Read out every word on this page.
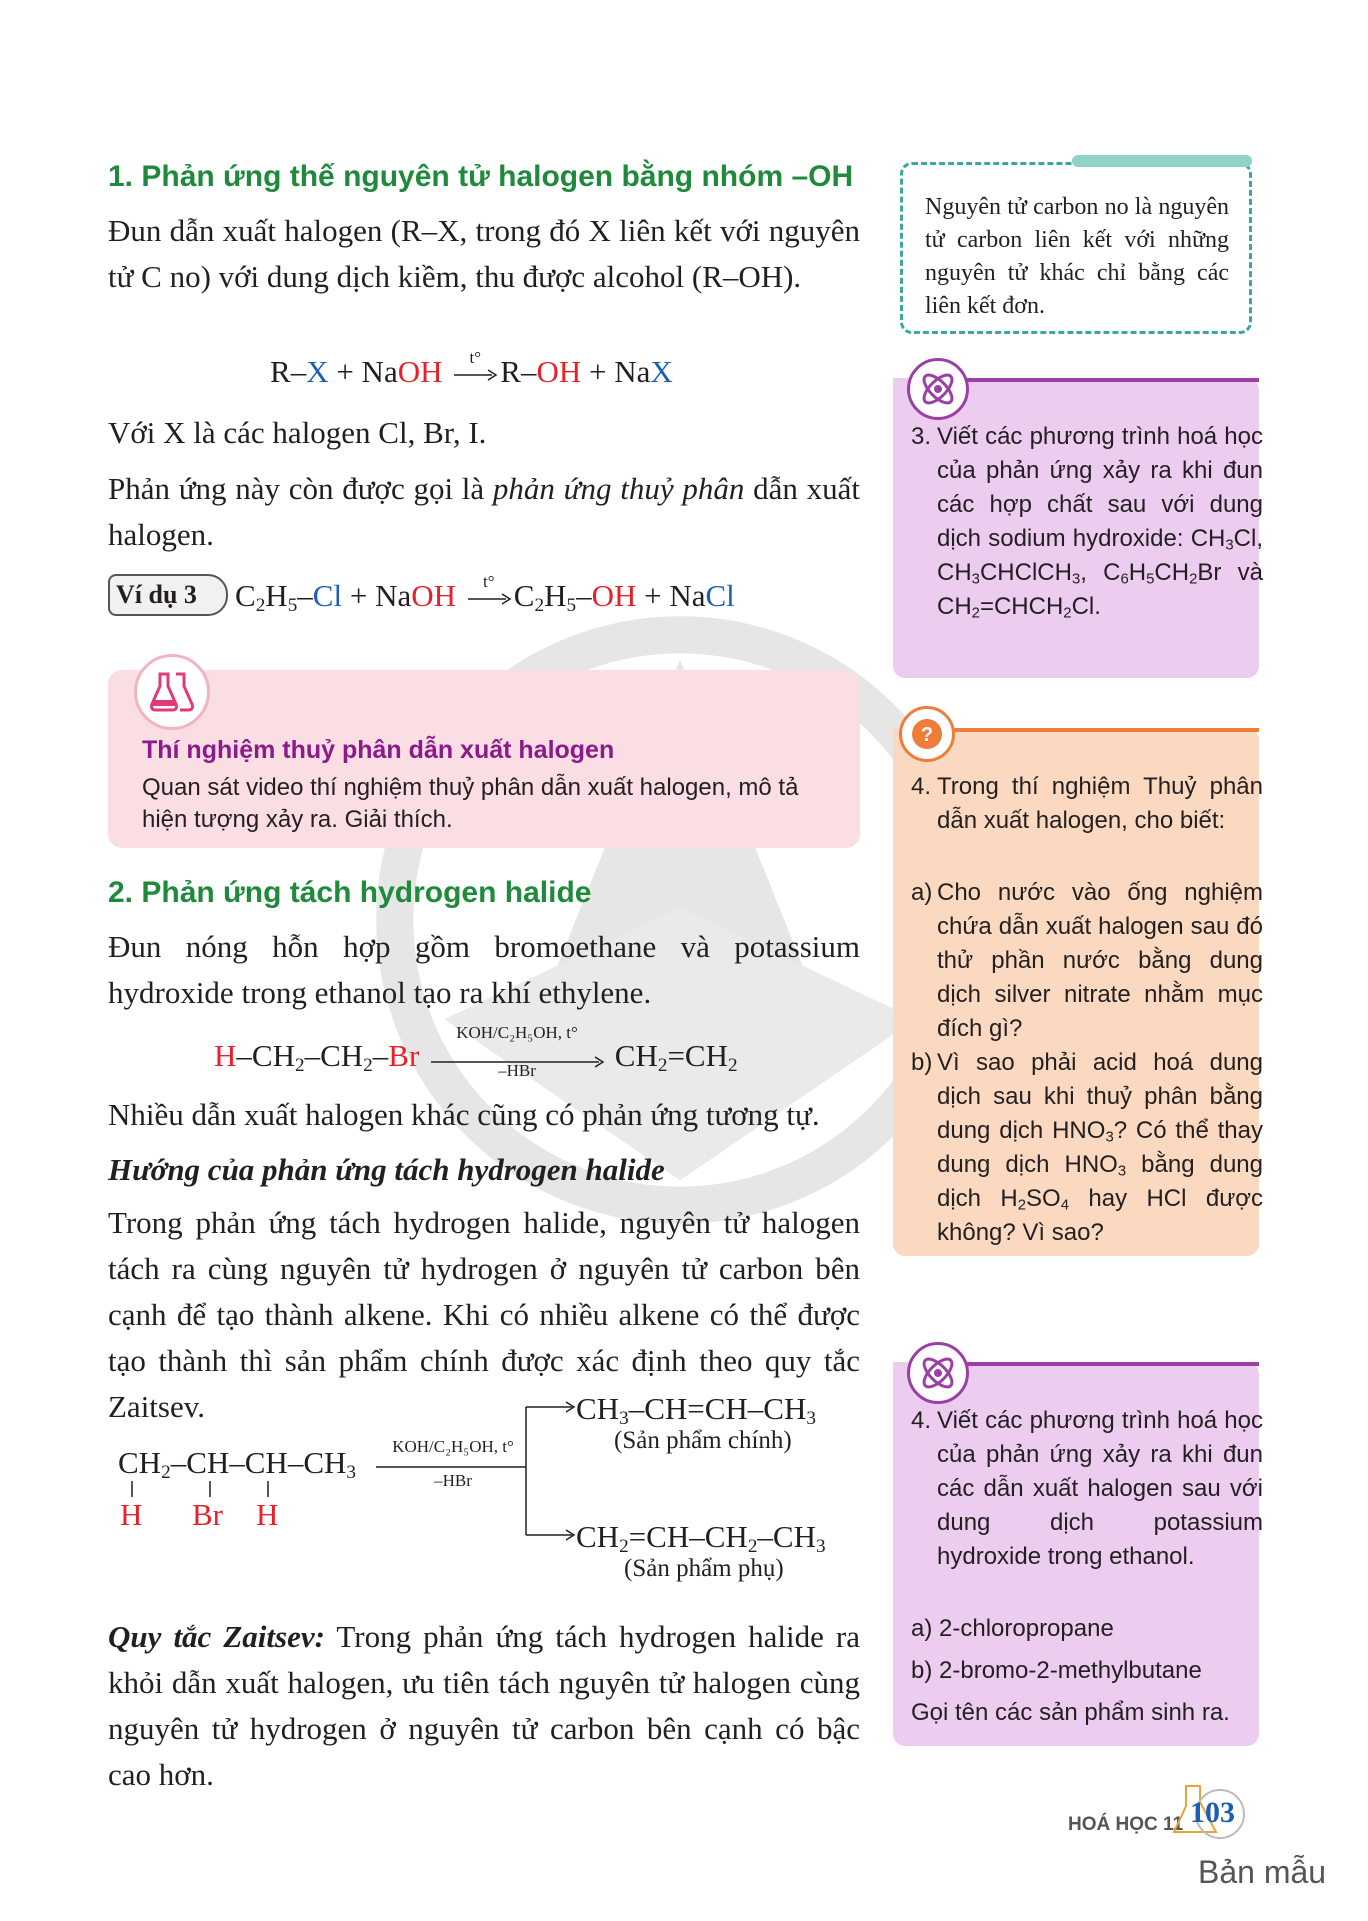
1. Phản ứng thế nguyên tử halogen bằng nhóm –OH
Đun dẫn xuất halogen (R–X, trong đó X liên kết với nguyên tử C no) với dung dịch kiềm, thu được alcohol (R–OH).
R–X + NaOH	t° R–OH + NaX
Với X là các halogen Cl, Br, I.
Phản ứng này còn được gọi là phản ứng thuỷ phân dẫn xuất halogen.
Ví dụ 3	$C_2H_5-Cl$ + NaOH	t° $C_2H_5-OH$ + NaCl
Thí nghiệm thuỷ phân dẫn xuất halogen
Quan sát video thí nghiệm thuỷ phân dẫn xuất halogen, mô tả hiện tượng xảy ra. Giải thích.
2. Phản ứng tách hydrogen halide
Đun nóng hỗn hợp gồm bromoethane và potassium hydroxide trong ethanol tạo ra khí ethylene.
$H-CH_2-CH_2-Br$
KOH/C₂H₅OH, t°
–HBr	$CH_2=CH_2$
Nhiều dẫn xuất halogen khác cũng có phản ứng tương tự.
Hướng của phản ứng tách hydrogen halide
Trong phản ứng tách hydrogen halide, nguyên tử halogen tách ra cùng nguyên tử hydrogen ở nguyên tử carbon bên cạnh để tạo thành alkene. Khi có nhiều alkene có thể được tạo thành thì sản phẩm chính được xác định theo quy tắc Zaitsev.
$CH_2-CH-CH-CH_3$
H Br H
KOH/C₂H₅OH, t°
–HBr
$CH_3-CH=CH-CH_3$
(Sản phẩm chính)
$CH_2=CH-CH_2-CH_3$
(Sản phẩm phụ)
Quy tắc Zaitsev: Trong phản ứng tách hydrogen halide ra khỏi dẫn xuất halogen, ưu tiên tách nguyên tử halogen cùng nguyên tử hydrogen ở nguyên tử carbon bên cạnh có bậc cao hơn.
Nguyên tử carbon no là nguyên tử carbon liên kết với những nguyên tử khác chỉ bằng các liên kết đơn.
3. Viết các phương trình hoá học của phản ứng xảy ra khi đun các hợp chất sau với dung dịch sodium hydroxide: $CH_3Cl$, $CH_3CHClCH_3$, $C_6H_5CH_2Br$ và $CH_2=CHCH_2Cl$.
?
4. Trong thí nghiệm Thuỷ phân dẫn xuất halogen, cho biết:
a) Cho nước vào ống nghiệm chứa dẫn xuất halogen sau đó thử phần nước bằng dung dịch silver nitrate nhằm mục đích gì?
b) Vì sao phải acid hoá dung dịch sau khi thuỷ phân bằng dung dịch $HNO_3$? Có thể thay dung dịch $HNO_3$ bằng dung dịch $H_2SO_4$ hay HCl được không? Vì sao?
4. Viết các phương trình hoá học của phản ứng xảy ra khi đun các dẫn xuất halogen sau với dung dịch potassium hydroxide trong ethanol.
a) 2-chloropropane
b) 2-bromo-2-methylbutane
Gọi tên các sản phẩm sinh ra.
HOÁ HỌC 11 103
Bản mẫu
